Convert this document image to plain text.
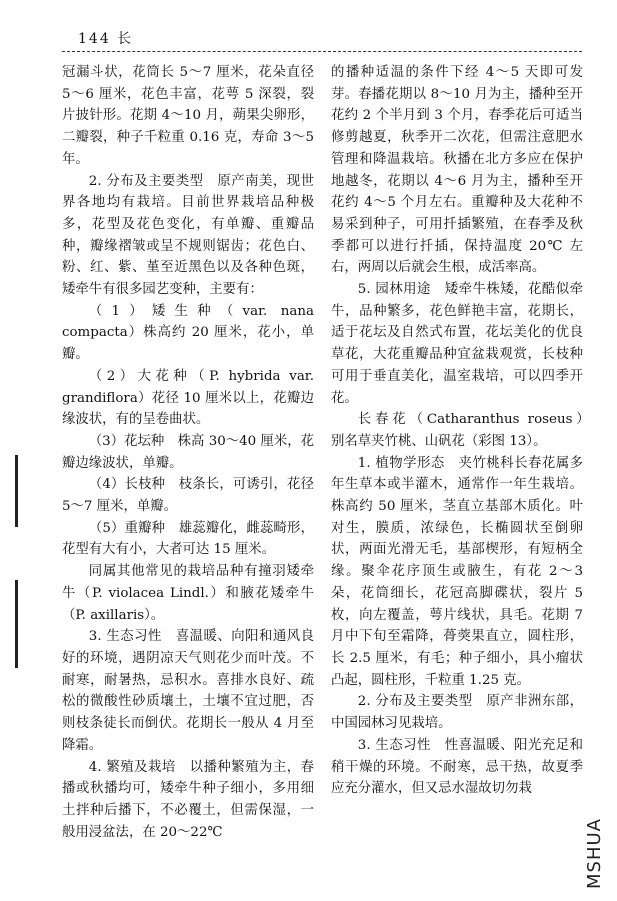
144 长

冠漏斗状，花筒长 5～7 厘米，花朵直径 5～6 厘米，花色丰富，花萼 5 深裂，裂片披针形。花期 4～10 月，蒴果尖卵形，二瓣裂，种子千粒重 0.16 克，寿命 3～5 年。

2. 分布及主要类型　原产南美，现世界各地均有栽培。目前世界栽培品种极多，花型及花色变化，有单瓣、重瓣品种，瓣缘褶皱或呈不规则锯齿；花色白、粉、红、紫、堇至近黑色以及各种色斑，矮牵牛有很多园艺变种，主要有：

（1）矮生种（var. nana compacta）株高约 20 厘米，花小，单瓣。

（2）大花种（P. hybrida var. grandiflora）花径 10 厘米以上，花瓣边缘波状，有的呈卷曲状。

（3）花坛种　株高 30～40 厘米，花瓣边缘波状，单瓣。

（4）长枝种　枝条长，可诱引，花径 5～7 厘米，单瓣。

（5）重瓣种　雄蕊瓣化，雌蕊畸形，花型有大有小，大者可达 15 厘米。

同属其他常见的栽培品种有撞羽矮牵牛（P. violacea Lindl.）和腋花矮牵牛（P. axillaris）。

3. 生态习性　喜温暖、向阳和通风良好的环境，遇阴凉天气则花少而叶茂。不耐寒，耐暑热，忌积水。喜排水良好、疏松的微酸性砂质壤土，土壤不宜过肥，否则枝条徒长而倒伏。花期长一般从 4 月至降霜。

4. 繁殖及栽培　以播种繁殖为主，春播或秋播均可，矮牵牛种子细小，多用细土拌种后播下，不必覆土，但需保湿，一般用浸盆法，在 20～22℃

的播种适温的条件下经 4～5 天即可发芽。春播花期以 8～10 月为主，播种至开花约 2 个半月到 3 个月，春季花后可适当修剪越夏，秋季开二次花，但需注意肥水管理和降温栽培。秋播在北方多应在保护地越冬，花期以 4～6 月为主，播种至开花约 4～5 个月左右。重瓣种及大花种不易采到种子，可用扦插繁殖，在春季及秋季都可以进行扦插，保持温度 20℃ 左右，两周以后就会生根，成活率高。

5. 园林用途　矮牵牛株矮，花酷似牵牛，品种繁多，花色鲜艳丰富，花期长，适于花坛及自然式布置，花坛美化的优良草花，大花重瓣品种宜盆栽观赏，长枝种可用于垂直美化，温室栽培，可以四季开花。

长春花（Catharanthus roseus）　别名草夹竹桃、山矾花（彩图 13）。

1. 植物学形态　夹竹桃科长春花属多年生草本或半灌木，通常作一年生栽培。株高约 50 厘米，茎直立基部木质化。叶对生，膜质，浓绿色，长椭圆状至倒卵状，两面光滑无毛，基部楔形，有短柄全缘。聚伞花序顶生或腋生，有花 2～3 朵，花筒细长，花冠高脚碟状，裂片 5 枚，向左覆盖，萼片线状，具毛。花期 7 月中下旬至霜降，蓇葖果直立，圆柱形，长 2.5 厘米，有毛；种子细小，具小瘤状凸起，圆柱形，千粒重 1.25 克。

2. 分布及主要类型　原产非洲东部，中国园林习见栽培。

3. 生态习性　性喜温暖、阳光充足和稍干燥的环境。不耐寒，忌干热，故夏季应充分灌水，但又忌水湿故切勿栽

MSHUA
